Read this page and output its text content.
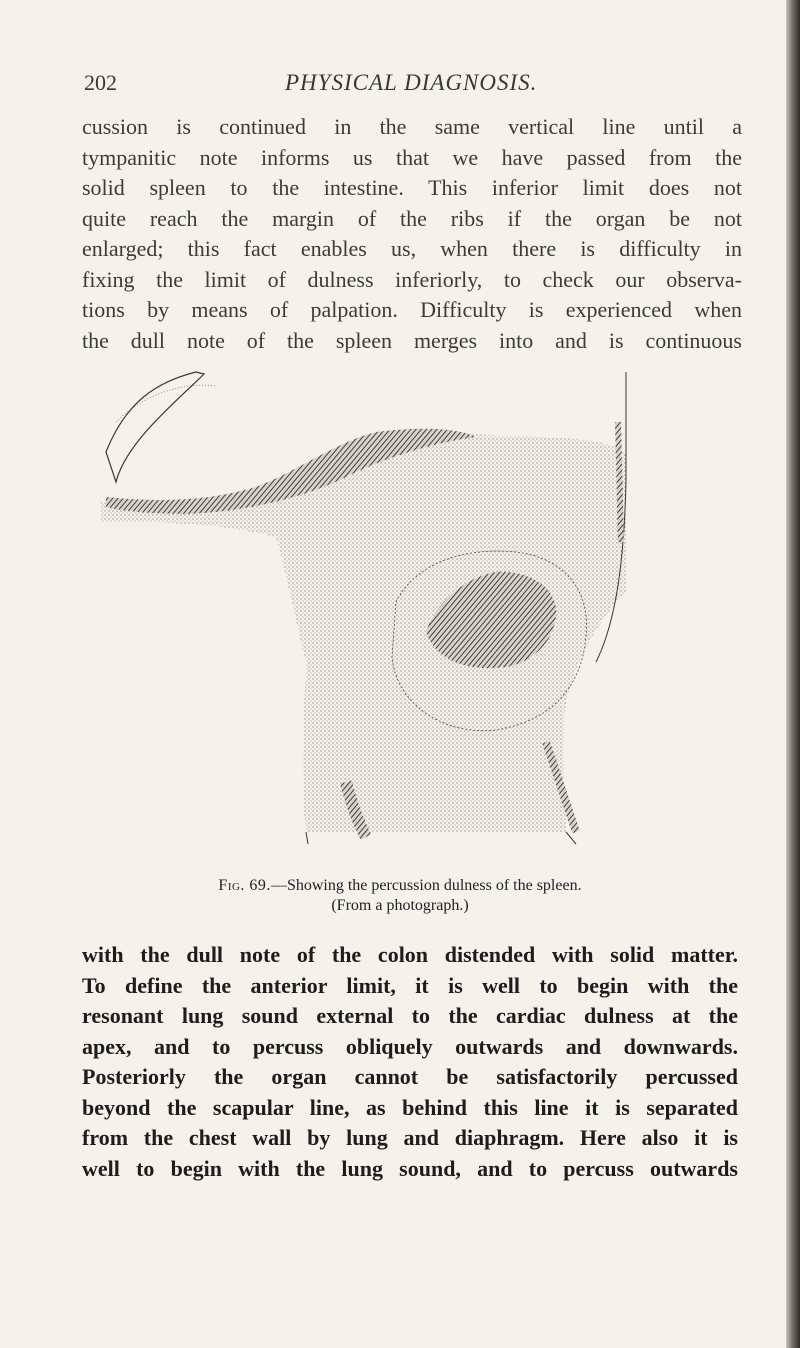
202	PHYSICAL DIAGNOSIS.
cussion is continued in the same vertical line until a
tympanitic note informs us that we have passed from the
solid spleen to the intestine. This inferior limit does not
quite reach the margin of the ribs if the organ be not
enlarged; this fact enables us, when there is difficulty in
fixing the limit of dulness inferiorly, to check our observa-
tions by means of palpation. Difficulty is experienced when
the dull note of the spleen merges into and is continuous
Fig. 69.—Showing the percussion dulness of the spleen.
(From a photograph.)
with the dull note of the colon distended with solid matter.
To define the anterior limit, it is well to begin with the
resonant lung sound external to the cardiac dulness at the
apex, and to percuss obliquely outwards and downwards.
Posteriorly the organ cannot be satisfactorily percussed
beyond the scapular line, as behind this line it is separated
from the chest wall by lung and diaphragm. Here also it is
well to begin with the lung sound, and to percuss outwards
